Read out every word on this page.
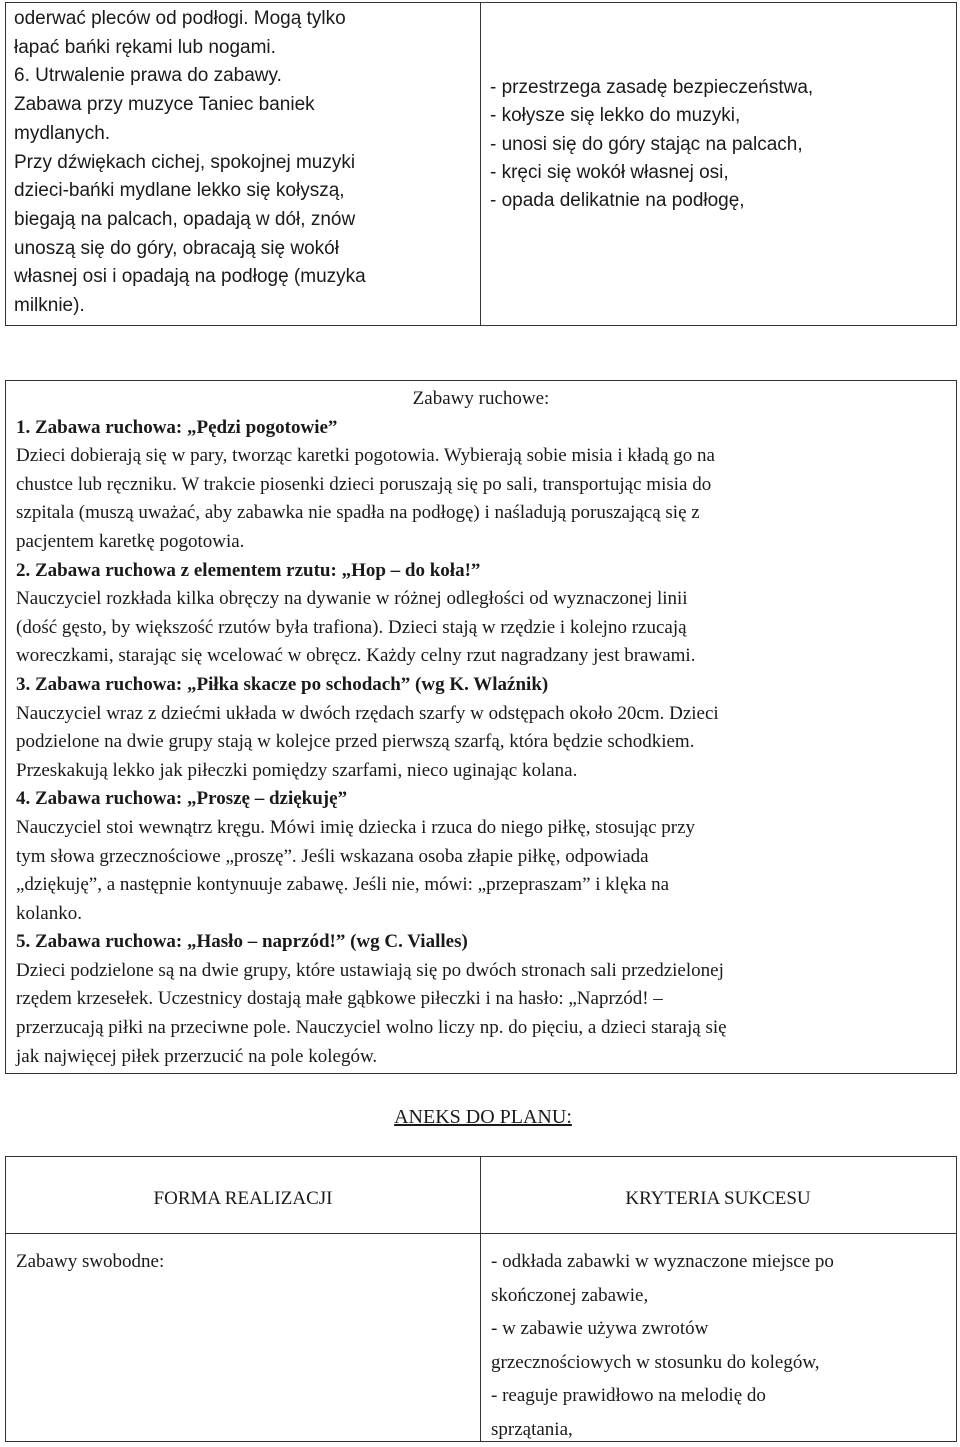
oderwać pleców od podłogi. Mogą tylko

łapać bańki rękami lub nogami.

6. Utrwalenie prawa do zabawy.

Zabawa przy muzyce Taniec baniek

mydlanych.

Przy dźwiękach cichej, spokojnej muzyki

dzieci-bańki mydlane lekko się kołyszą,

biegają na palcach, opadają w dół, znów

unoszą się do góry, obracają się wokół

własnej osi i opadają na podłogę (muzyka

milknie).

- przestrzega zasadę bezpieczeństwa,

- kołysze się lekko do muzyki,

- unosi się do góry stając na palcach,

- kręci się wokół własnej osi,

- opada delikatnie na podłogę,

Zabawy ruchowe:

1. Zabawa ruchowa: „Pędzi pogotowie”

Dzieci dobierają się w pary, tworząc karetki pogotowia. Wybierają sobie misia i kładą go na

chustce lub ręczniku. W trakcie piosenki dzieci poruszają się po sali, transportując misia do

szpitala (muszą uważać, aby zabawka nie spadła na podłogę) i naśladują poruszającą się z

pacjentem karetkę pogotowia.

2. Zabawa ruchowa z elementem rzutu: „Hop – do koła!”

Nauczyciel rozkłada kilka obręczy na dywanie w różnej odległości od wyznaczonej linii

(dość gęsto, by większość rzutów była trafiona). Dzieci stają w rzędzie i kolejno rzucają

woreczkami, starając się wcelować w obręcz. Każdy celny rzut nagradzany jest brawami.

3. Zabawa ruchowa: „Piłka skacze po schodach” (wg K. Wlaźnik)

Nauczyciel wraz z dziećmi układa w dwóch rzędach szarfy w odstępach około 20cm. Dzieci

podzielone na dwie grupy stają w kolejce przed pierwszą szarfą, która będzie schodkiem.

Przeskakują lekko jak piłeczki pomiędzy szarfami, nieco uginając kolana.

4. Zabawa ruchowa: „Proszę – dziękuję”

Nauczyciel stoi wewnątrz kręgu. Mówi imię dziecka i rzuca do niego piłkę, stosując przy

tym słowa grzecznościowe „proszę”. Jeśli wskazana osoba złapie piłkę, odpowiada

„dziękuję”, a następnie kontynuuje zabawę. Jeśli nie, mówi: „przepraszam” i klęka na

kolanko.

5. Zabawa ruchowa: „Hasło – naprzód!” (wg C. Vialles)

Dzieci podzielone są na dwie grupy, które ustawiają się po dwóch stronach sali przedzielonej

rzędem krzesełek. Uczestnicy dostają małe gąbkowe piłeczki i na hasło: „Naprzód! –

przerzucają piłki na przeciwne pole. Nauczyciel wolno liczy np. do pięciu, a dzieci starają się

jak najwięcej piłek przerzucić na pole kolegów.

ANEKS DO PLANU:
FORMA REALIZACJI	KRYTERIA SUKCESU
Zabawy swobodne:	- odkłada zabawki w wyznaczone miejsce po

skończonej zabawie,

- w zabawie używa zwrotów

grzecznościowych w stosunku do kolegów,

- reaguje prawidłowo na melodię do

sprzątania,
